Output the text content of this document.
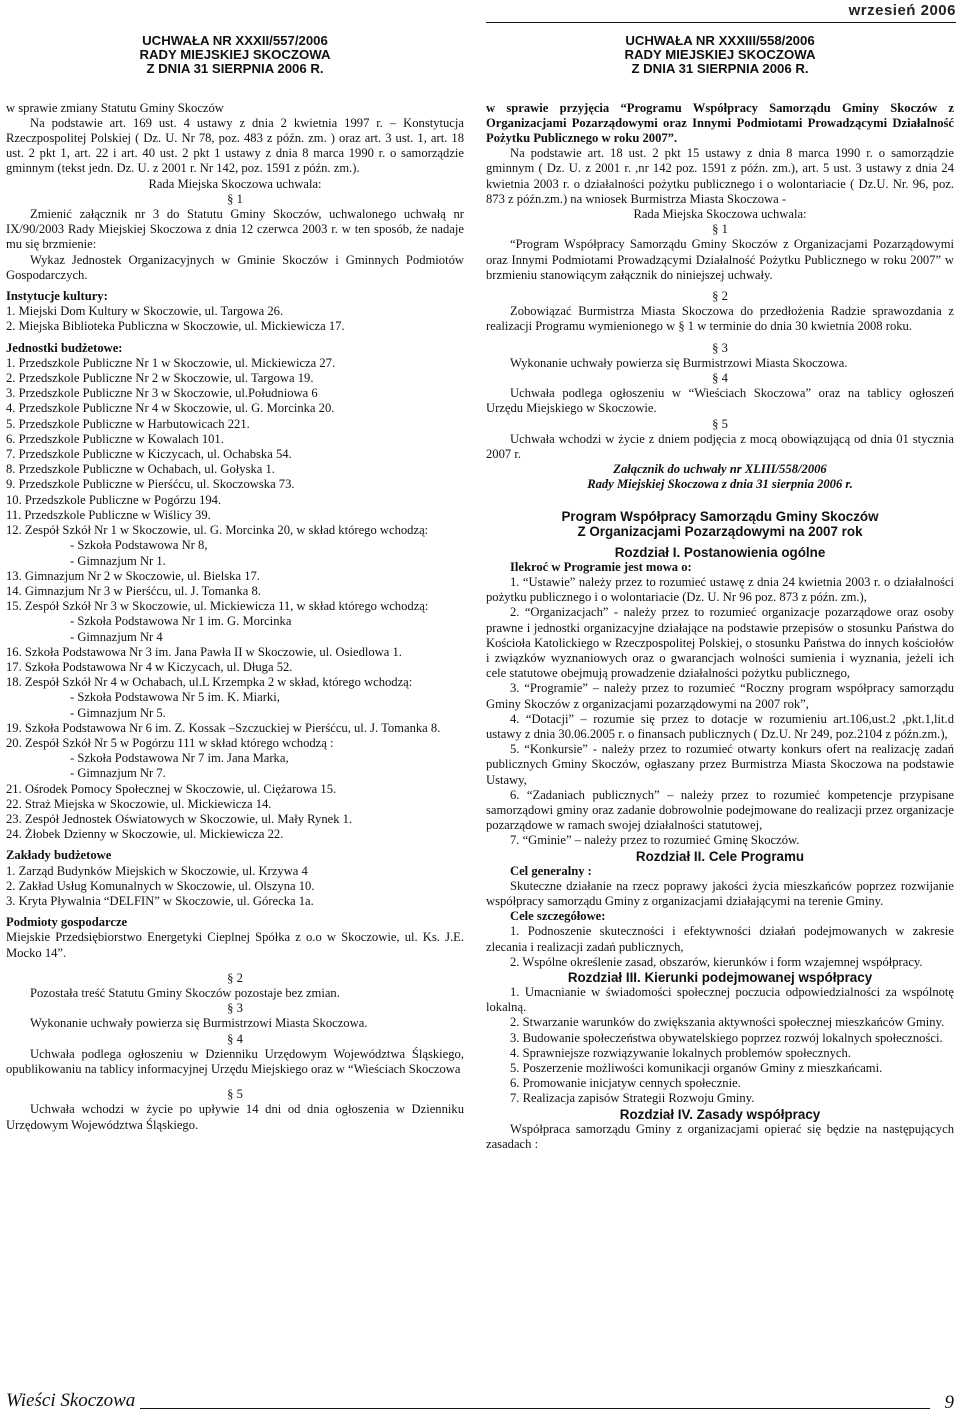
wrzesień 2006

UCHWAŁA NR XXXII/557/2006

RADY MIEJSKIEJ SKOCZOWA

Z DNIA 31 SIERPNIA 2006 R.

w sprawie zmiany Statutu Gminy Skoczów

Na podstawie art. 169 ust. 4 ustawy z dnia 2 kwietnia 1997 r. – Konstytucja Rzeczpospolitej Polskiej ( Dz. U. Nr 78, poz. 483 z późn. zm. ) oraz art. 3 ust. 1, art. 18 ust. 2 pkt 1, art. 22 i art. 40 ust. 2 pkt 1 ustawy z dnia 8 marca 1990 r. o samorządzie gminnym (tekst jedn. Dz. U. z 2001 r. Nr 142, poz. 1591 z późn. zm.).

Rada Miejska Skoczowa uchwala:

§ 1

Zmienić załącznik nr 3 do Statutu Gminy Skoczów, uchwalonego uchwałą nr IX/90/2003 Rady Miejskiej Skoczowa z dnia 12 czerwca 2003 r. w ten sposób, że nadaje mu się brzmienie:

Wykaz Jednostek Organizacyjnych w Gminie Skoczów i Gminnych Podmiotów Gospodarczych.

Instytucje kultury:

1. Miejski Dom Kultury w Skoczowie, ul. Targowa 26.

2. Miejska Biblioteka Publiczna w Skoczowie, ul. Mickiewicza 17.

Jednostki budżetowe:

1. Przedszkole Publiczne Nr 1 w Skoczowie, ul. Mickiewicza 27.

2. Przedszkole Publiczne Nr 2 w Skoczowie, ul. Targowa 19.

3. Przedszkole Publiczne Nr 3 w Skoczowie, ul.Południowa 6

4. Przedszkole Publiczne Nr 4 w Skoczowie, ul. G. Morcinka 20.

5. Przedszkole Publiczne w Harbutowicach 221.

6. Przedszkole Publiczne w Kowalach 101.

7. Przedszkole Publiczne w Kiczycach, ul. Ochabska 54.

8. Przedszkole Publiczne w Ochabach, ul. Gołyska 1.

9. Przedszkole Publiczne w Pierśćcu, ul. Skoczowska 73.

10. Przedszkole Publiczne w Pogórzu 194.

11. Przedszkole Publiczne w Wiślicy 39.

12. Zespół Szkół Nr 1 w Skoczowie, ul. G. Morcinka 20, w skład którego wchodzą:

- Szkoła Podstawowa Nr 8,

- Gimnazjum Nr 1.

13. Gimnazjum Nr 2 w Skoczowie, ul. Bielska 17.

14. Gimnazjum Nr 3 w Pierśćcu, ul. J. Tomanka 8.

15. Zespół Szkół Nr 3 w Skoczowie, ul. Mickiewicza 11, w skład którego wchodzą:

- Szkoła Podstawowa Nr 1 im. G. Morcinka

- Gimnazjum Nr 4

16. Szkoła Podstawowa Nr 3 im. Jana Pawła II w Skoczowie, ul. Osiedlowa 1.

17. Szkoła Podstawowa Nr 4 w Kiczycach, ul. Długa 52.

18. Zespół Szkół Nr 4 w Ochabach, ul.L Krzempka 2 w skład, którego wchodzą:

- Szkoła Podstawowa Nr 5 im. K. Miarki,

- Gimnazjum Nr 5.

19. Szkoła Podstawowa Nr 6 im. Z. Kossak –Szczuckiej w Pierśćcu, ul. J. Tomanka 8.

20. Zespół Szkół Nr 5 w Pogórzu 111 w skład którego wchodzą :

- Szkoła Podstawowa Nr 7 im. Jana Marka,

- Gimnazjum Nr 7.

21. Ośrodek Pomocy Społecznej w Skoczowie, ul. Ciężarowa 15.

22. Straż Miejska w Skoczowie, ul. Mickiewicza 14.

23. Zespół Jednostek Oświatowych w Skoczowie, ul. Mały Rynek 1.

24. Żłobek Dzienny w Skoczowie, ul. Mickiewicza 22.

Zakłady budżetowe

1. Zarząd Budynków Miejskich w Skoczowie, ul. Krzywa 4

2. Zakład Usług Komunalnych w Skoczowie, ul. Olszyna 10.

3. Kryta Pływalnia “DELFIN” w Skoczowie, ul. Górecka 1a.

Podmioty gospodarcze

Miejskie Przedsiębiorstwo Energetyki Cieplnej Spółka z o.o w Skoczowie, ul. Ks. J.E. Mocko 14”.

§ 2

Pozostała treść Statutu Gminy Skoczów pozostaje bez zmian.

§ 3

Wykonanie uchwały powierza się Burmistrzowi Miasta Skoczowa.

§ 4

Uchwała podlega ogłoszeniu w Dzienniku Urzędowym Województwa Śląskiego, opublikowaniu na tablicy informacyjnej Urzędu Miejskiego oraz w “Wieściach Skoczowa

§ 5

Uchwała wchodzi w życie po upływie 14 dni od dnia ogłoszenia w Dzienniku Urzędowym Województwa Śląskiego.

UCHWAŁA NR XXXIII/558/2006

RADY MIEJSKIEJ SKOCZOWA

Z DNIA 31 SIERPNIA 2006 R.

w sprawie przyjęcia “Programu Współpracy Samorządu Gminy Skoczów z Organizacjami Pozarządowymi oraz Innymi Podmiotami Prowadzącymi Działalność Pożytku Publicznego w roku 2007”.

Na podstawie art. 18 ust. 2 pkt 15 ustawy z dnia 8 marca 1990 r. o samorządzie gminnym ( Dz. U. z 2001 r. ,nr 142 poz. 1591 z późn. zm.), art. 5 ust. 3 ustawy z dnia 24 kwietnia 2003 r. o działalności pożytku publicznego i o wolontariacie ( Dz.U. Nr. 96, poz. 873 z późn.zm.) na wniosek Burmistrza Miasta Skoczowa -

Rada Miejska Skoczowa uchwala:

§ 1

“Program Współpracy Samorządu Gminy Skoczów z Organizacjami Pozarządowymi oraz Innymi Podmiotami Prowadzącymi Działalność Pożytku Publicznego w roku 2007” w brzmieniu stanowiącym załącznik do niniejszej uchwały.

§ 2

Zobowiązać Burmistrza Miasta Skoczowa do przedłożenia Radzie sprawozdania z realizacji Programu wymienionego w § 1 w terminie do dnia 30 kwietnia 2008 roku.

§ 3

Wykonanie uchwały powierza się Burmistrzowi Miasta Skoczowa.

§ 4

Uchwała podlega ogłoszeniu w “Wieściach Skoczowa” oraz na tablicy ogłoszeń Urzędu Miejskiego w Skoczowie.

§ 5

Uchwała wchodzi w życie z dniem podjęcia z mocą obowiązującą od dnia 01 stycznia 2007 r.

Załącznik do uchwały nr XLIII/558/2006

Rady Miejskiej Skoczowa z dnia 31 sierpnia 2006 r.

Program Współpracy Samorządu Gminy Skoczów

Z Organizacjami Pozarządowymi na 2007 rok

Rozdział I. Postanowienia ogólne

Ilekroć w Programie jest mowa o:

1. “Ustawie” należy przez to rozumieć ustawę z dnia 24 kwietnia 2003 r. o działalności pożytku publicznego i o wolontariacie (Dz. U. Nr 96 poz. 873 z późn. zm.),

2. “Organizacjach” - należy przez to rozumieć organizacje pozarządowe oraz osoby prawne i jednostki organizacyjne działające na podstawie przepisów o stosunku Państwa do Kościoła Katolickiego w Rzeczpospolitej Polskiej, o stosunku Państwa do innych kościołów i związków wyznaniowych oraz o gwarancjach wolności sumienia i wyznania, jeżeli ich cele statutowe obejmują prowadzenie działalności pożytku publicznego,

3. “Programie” – należy przez to rozumieć “Roczny program współpracy samorządu Gminy Skoczów z organizacjami pozarządowymi na 2007 rok”,

4. “Dotacji” – rozumie się przez to dotacje w rozumieniu art.106,ust.2 ,pkt.1,lit.d ustawy z dnia 30.06.2005 r. o finansach publicznych ( Dz.U. Nr 249, poz.2104 z późn.zm.),

5. “Konkursie” - należy przez to rozumieć otwarty konkurs ofert na realizację zadań publicznych Gminy Skoczów, ogłaszany przez Burmistrza Miasta Skoczowa na podstawie Ustawy,

6. “Zadaniach publicznych” – należy przez to rozumieć kompetencje przypisane samorządowi gminy oraz zadanie dobrowolnie podejmowane do realizacji przez organizacje pozarządowe w ramach swojej działalności statutowej,

7. “Gminie” – należy przez to rozumieć Gminę Skoczów.

Rozdział II. Cele Programu

Cel generalny :

Skuteczne działanie na rzecz poprawy jakości życia mieszkańców poprzez rozwijanie współpracy samorządu Gminy z organizacjami działającymi na terenie Gminy.

Cele szczegółowe:

1. Podnoszenie skuteczności i efektywności działań podejmowanych w zakresie zlecania i realizacji zadań publicznych,

2. Wspólne określenie zasad, obszarów, kierunków i form wzajemnej współpracy.

Rozdział III. Kierunki podejmowanej współpracy

1. Umacnianie w świadomości społecznej poczucia odpowiedzialności za wspólnotę lokalną.

2. Stwarzanie warunków do zwiększania aktywności społecznej mieszkańców Gminy.

3. Budowanie społeczeństwa obywatelskiego poprzez rozwój lokalnych społeczności.

4. Sprawniejsze rozwiązywanie lokalnych problemów społecznych.

5. Poszerzenie możliwości komunikacji organów Gminy z mieszkańcami.

6. Promowanie inicjatyw cennych społecznie.

7. Realizacja zapisów Strategii Rozwoju Gminy.

Rozdział IV. Zasady współpracy

Współpraca samorządu Gminy z organizacjami opierać się będzie na następujących zasadach :

Wieści Skoczowa	9
